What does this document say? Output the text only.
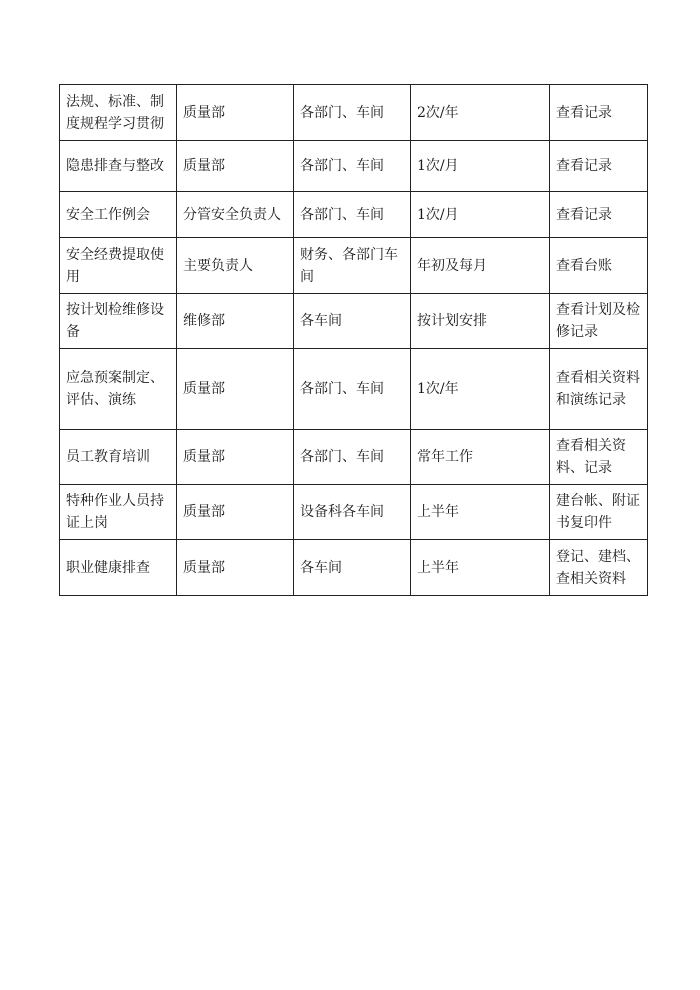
法规、标准、制度规程学习贯彻	质量部	各部门、车间	2次/年	查看记录
隐患排查与整改	质量部	各部门、车间	1次/月	查看记录
安全工作例会	分管安全负责人	各部门、车间	1次/月	查看记录
安全经费提取使用	主要负责人	财务、各部门车间	年初及每月	查看台账
按计划检维修设备	维修部	各车间	按计划安排	查看计划及检修记录
应急预案制定、评估、演练	质量部	各部门、车间	1次/年	查看相关资料和演练记录
员工教育培训	质量部	各部门、车间	常年工作	查看相关资料、记录
特种作业人员持证上岗	质量部	设备科各车间	上半年	建台帐、附证书复印件
职业健康排查	质量部	各车间	上半年	登记、建档、查相关资料
